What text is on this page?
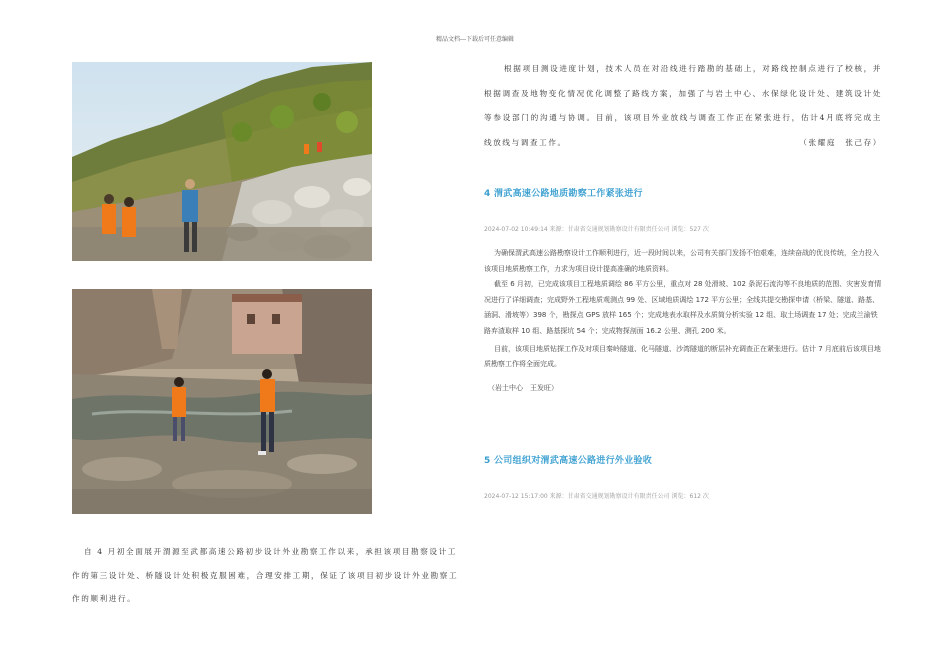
精品文档---下载后可任意编辑

根据项目测设进度计划，技术人员在对沿线进行踏勘的基础上，对路线控制点进行了校核，并根据调查及地物变化情况优化调整了路线方案，加强了与岩土中心、水保绿化设计处、建筑设计处等参设部门的沟通与协调。目前，该项目外业放线与调查工作正在紧张进行，估计4月底将完成主线放线与调查工作。	（张耀庭　张己存）

4 渭武高速公路地质勘察工作紧张进行

2024-07-02 10:49:14 来源：甘肃省交通规划勘察设计有限责任公司 浏览：527 次

为确保渭武高速公路勘察设计工作顺利进行，近一段时间以来，公司有关部门发扬不怕艰难，连续奋战的优良传统，全力投入该项目地质勘察工作，力求为项目设计提高准确的地质资料。

截至 6 月初，已完成该项目工程地质调绘 86 平方公里，重点对 28 处滑坡、102 条泥石流沟等不良地质的范围、灾害发育情况进行了详细调查；完成野外工程地质观测点 99 处、区域地质调绘 172 平方公里；全线共提交勘探申请（桥梁、隧道、路基、涵洞、滑坡等）398 个，勘探点 GPS 放样 165 个；完成地表水取样及水质简分析实验 12 组、取土场调查 17 处；完成兰渝铁路弃渣取样 10 组、路基探坑 54 个；完成物探剖面 16.2 公里、测孔 200 米。

目前，该项目地质钻探工作及对项目秦岭隧道、化马隧道、沙湾隧道的断层补充调查正在紧张进行。估计 7 月底前后该项目地质勘察工作将全面完成。

（岩土中心　王发旺）

5 公司组织对渭武高速公路进行外业验收

2024-07-12 15:17:00 来源：甘肃省交通规划勘察设计有限责任公司 浏览：612 次

自 4 月初全面展开渭源至武都高速公路初步设计外业勘察工作以来，承担该项目勘察设计工作的第三设计处、桥隧设计处积极克服困难，合理安排工期，保证了该项目初步设计外业勘察工作的顺利进行。
